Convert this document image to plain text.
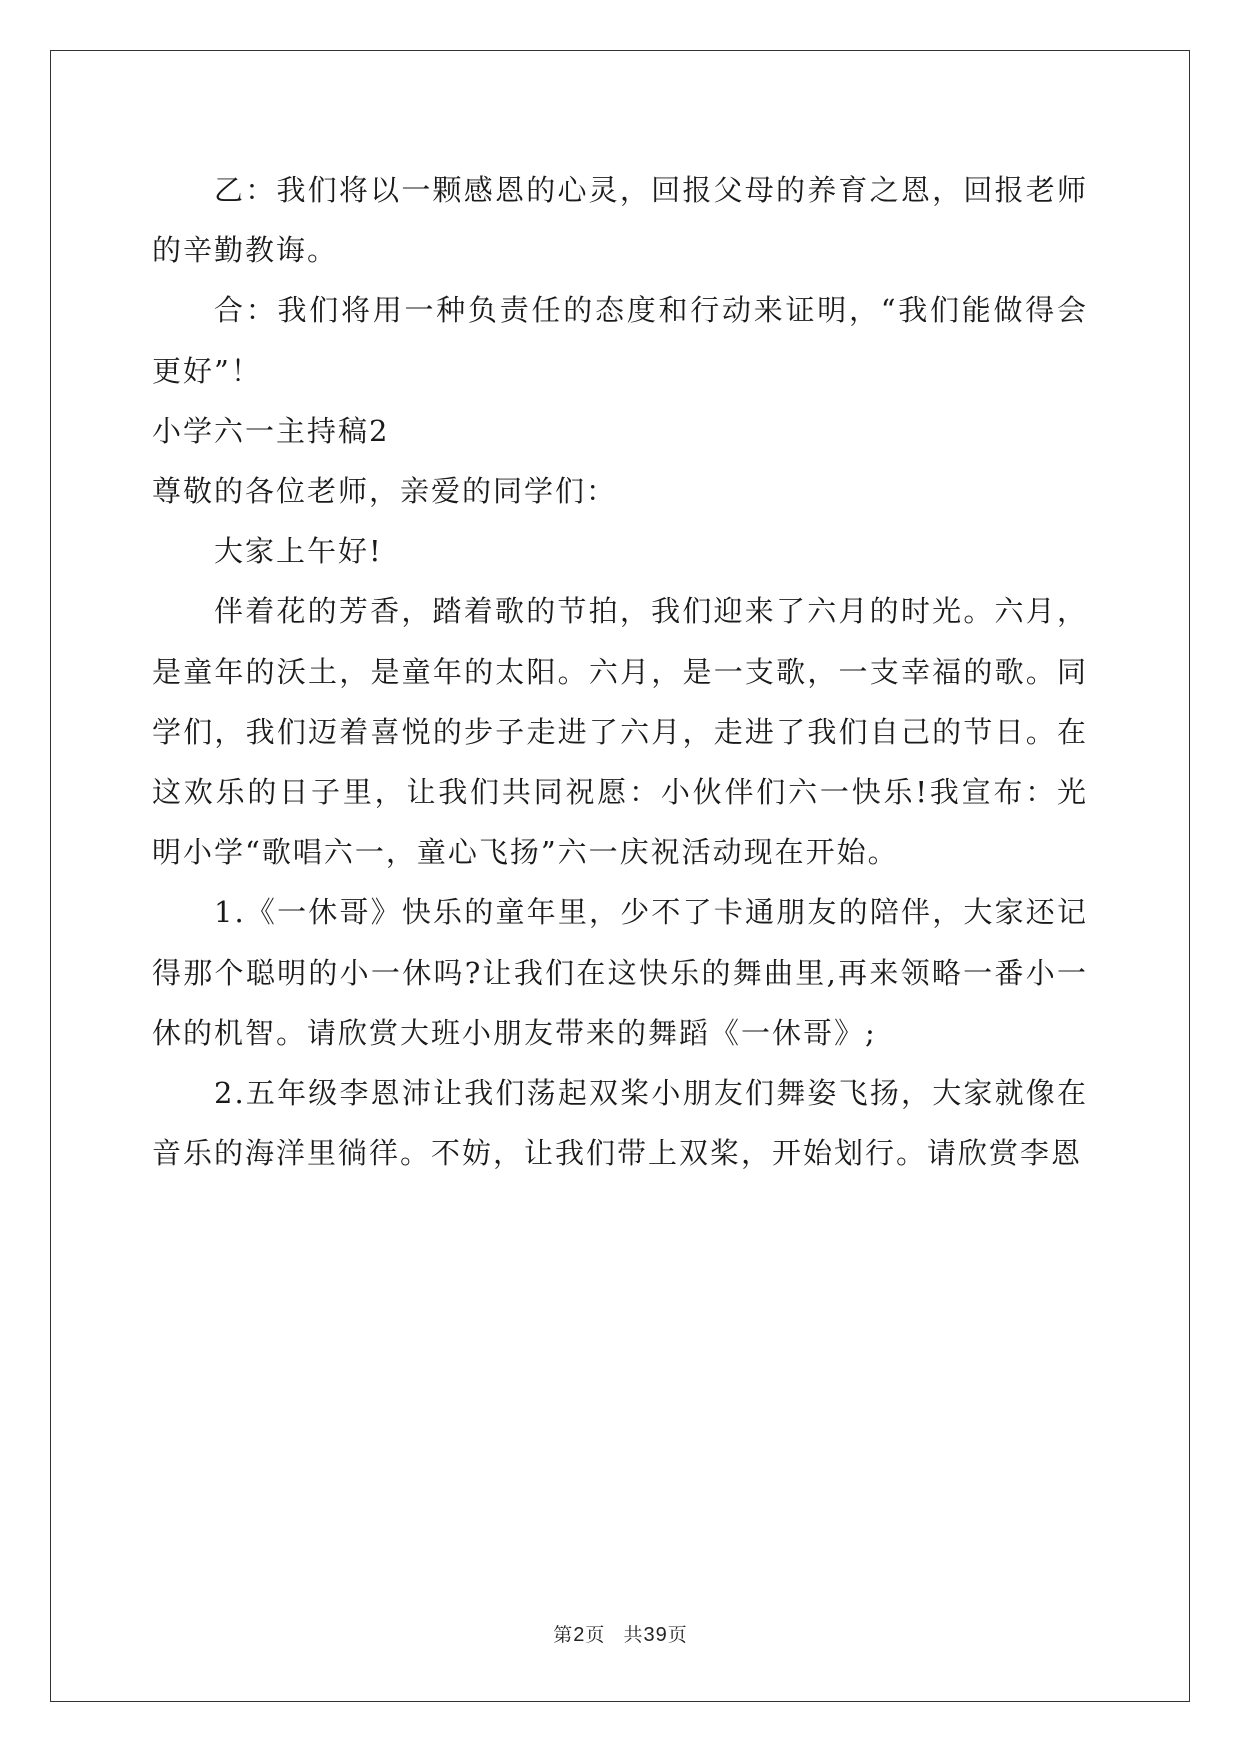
乙：我们将以一颗感恩的心灵，回报父母的养育之恩，回报老师的辛勤教诲。

合：我们将用一种负责任的态度和行动来证明，“我们能做得会更好”！

小学六一主持稿2

尊敬的各位老师，亲爱的同学们：

大家上午好!

伴着花的芳香，踏着歌的节拍，我们迎来了六月的时光。六月，是童年的沃土，是童年的太阳。六月，是一支歌，一支幸福的歌。同学们，我们迈着喜悦的步子走进了六月，走进了我们自己的节日。在这欢乐的日子里，让我们共同祝愿：小伙伴们六一快乐!我宣布：光明小学“歌唱六一，童心飞扬”六一庆祝活动现在开始。

1.《一休哥》快乐的童年里，少不了卡通朋友的陪伴，大家还记得那个聪明的小一休吗?让我们在这快乐的舞曲里,再来领略一番小一休的机智。请欣赏大班小朋友带来的舞蹈《一休哥》;

2.五年级李恩沛让我们荡起双桨小朋友们舞姿飞扬，大家就像在音乐的海洋里徜徉。不妨，让我们带上双桨，开始划行。请欣赏李恩

第2页 共39页
